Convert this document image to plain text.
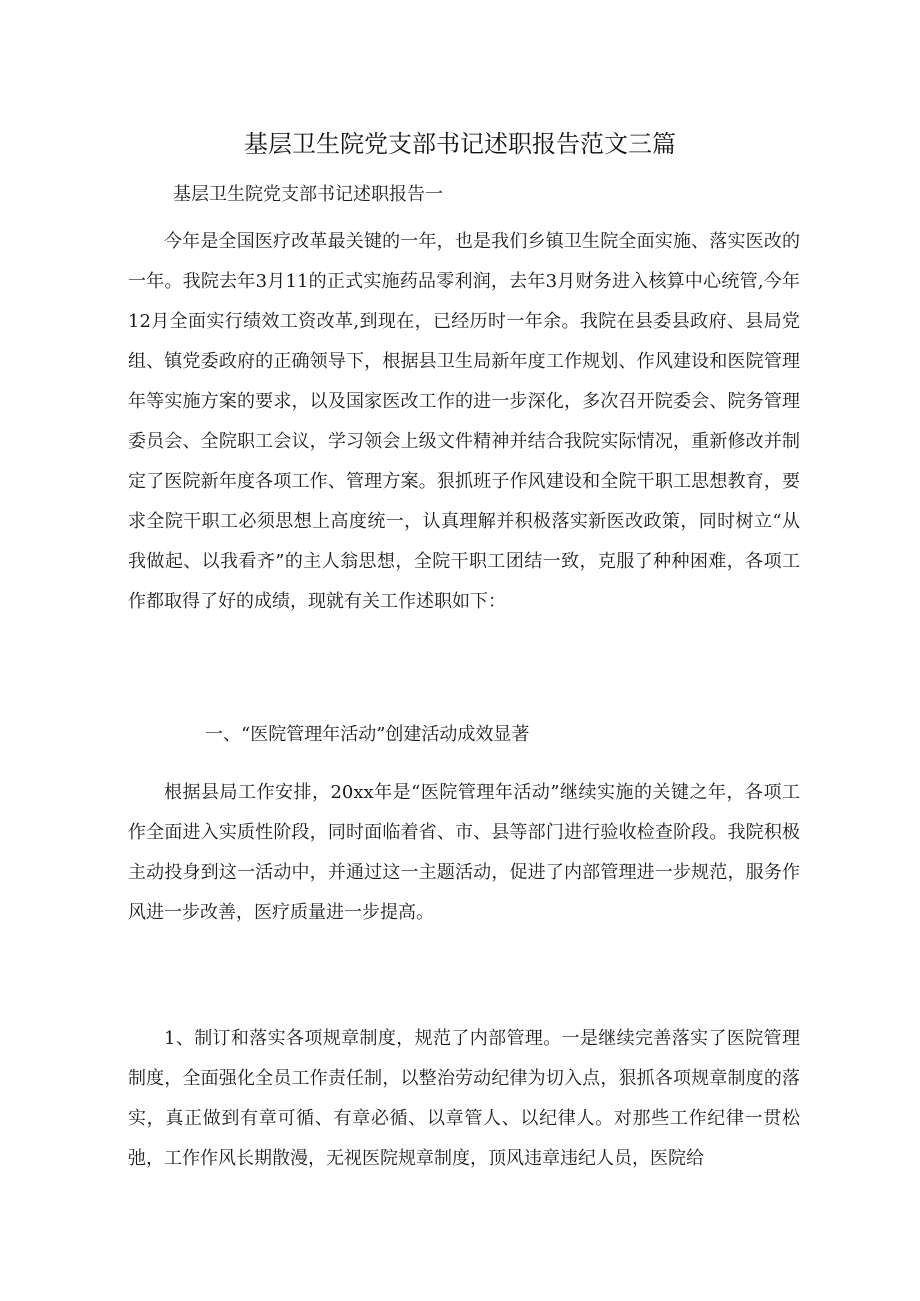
基层卫生院党支部书记述职报告范文三篇

基层卫生院党支部书记述职报告一

今年是全国医疗改革最关键的一年，也是我们乡镇卫生院全面实施、落实医改的一年。我院去年3月11的正式实施药品零利润，去年3月财务进入核算中心统管,今年12月全面实行绩效工资改革,到现在，已经历时一年余。我院在县委县政府、县局党组、镇党委政府的正确领导下，根据县卫生局新年度工作规划、作风建设和医院管理年等实施方案的要求，以及国家医改工作的进一步深化，多次召开院委会、院务管理委员会、全院职工会议，学习领会上级文件精神并结合我院实际情况，重新修改并制定了医院新年度各项工作、管理方案。狠抓班子作风建设和全院干职工思想教育，要求全院干职工必须思想上高度统一，认真理解并积极落实新医改政策，同时树立“从我做起、以我看齐”的主人翁思想，全院干职工团结一致，克服了种种困难，各项工作都取得了好的成绩，现就有关工作述职如下：

一、“医院管理年活动”创建活动成效显著

根据县局工作安排，20xx年是“医院管理年活动”继续实施的关键之年，各项工作全面进入实质性阶段，同时面临着省、市、县等部门进行验收检查阶段。我院积极主动投身到这一活动中，并通过这一主题活动，促进了内部管理进一步规范，服务作风进一步改善，医疗质量进一步提高。

1、制订和落实各项规章制度，规范了内部管理。一是继续完善落实了医院管理制度，全面强化全员工作责任制，以整治劳动纪律为切入点，狠抓各项规章制度的落实，真正做到有章可循、有章必循、以章管人、以纪律人。对那些工作纪律一贯松弛，工作作风长期散漫，无视医院规章制度，顶风违章违纪人员，医院给
